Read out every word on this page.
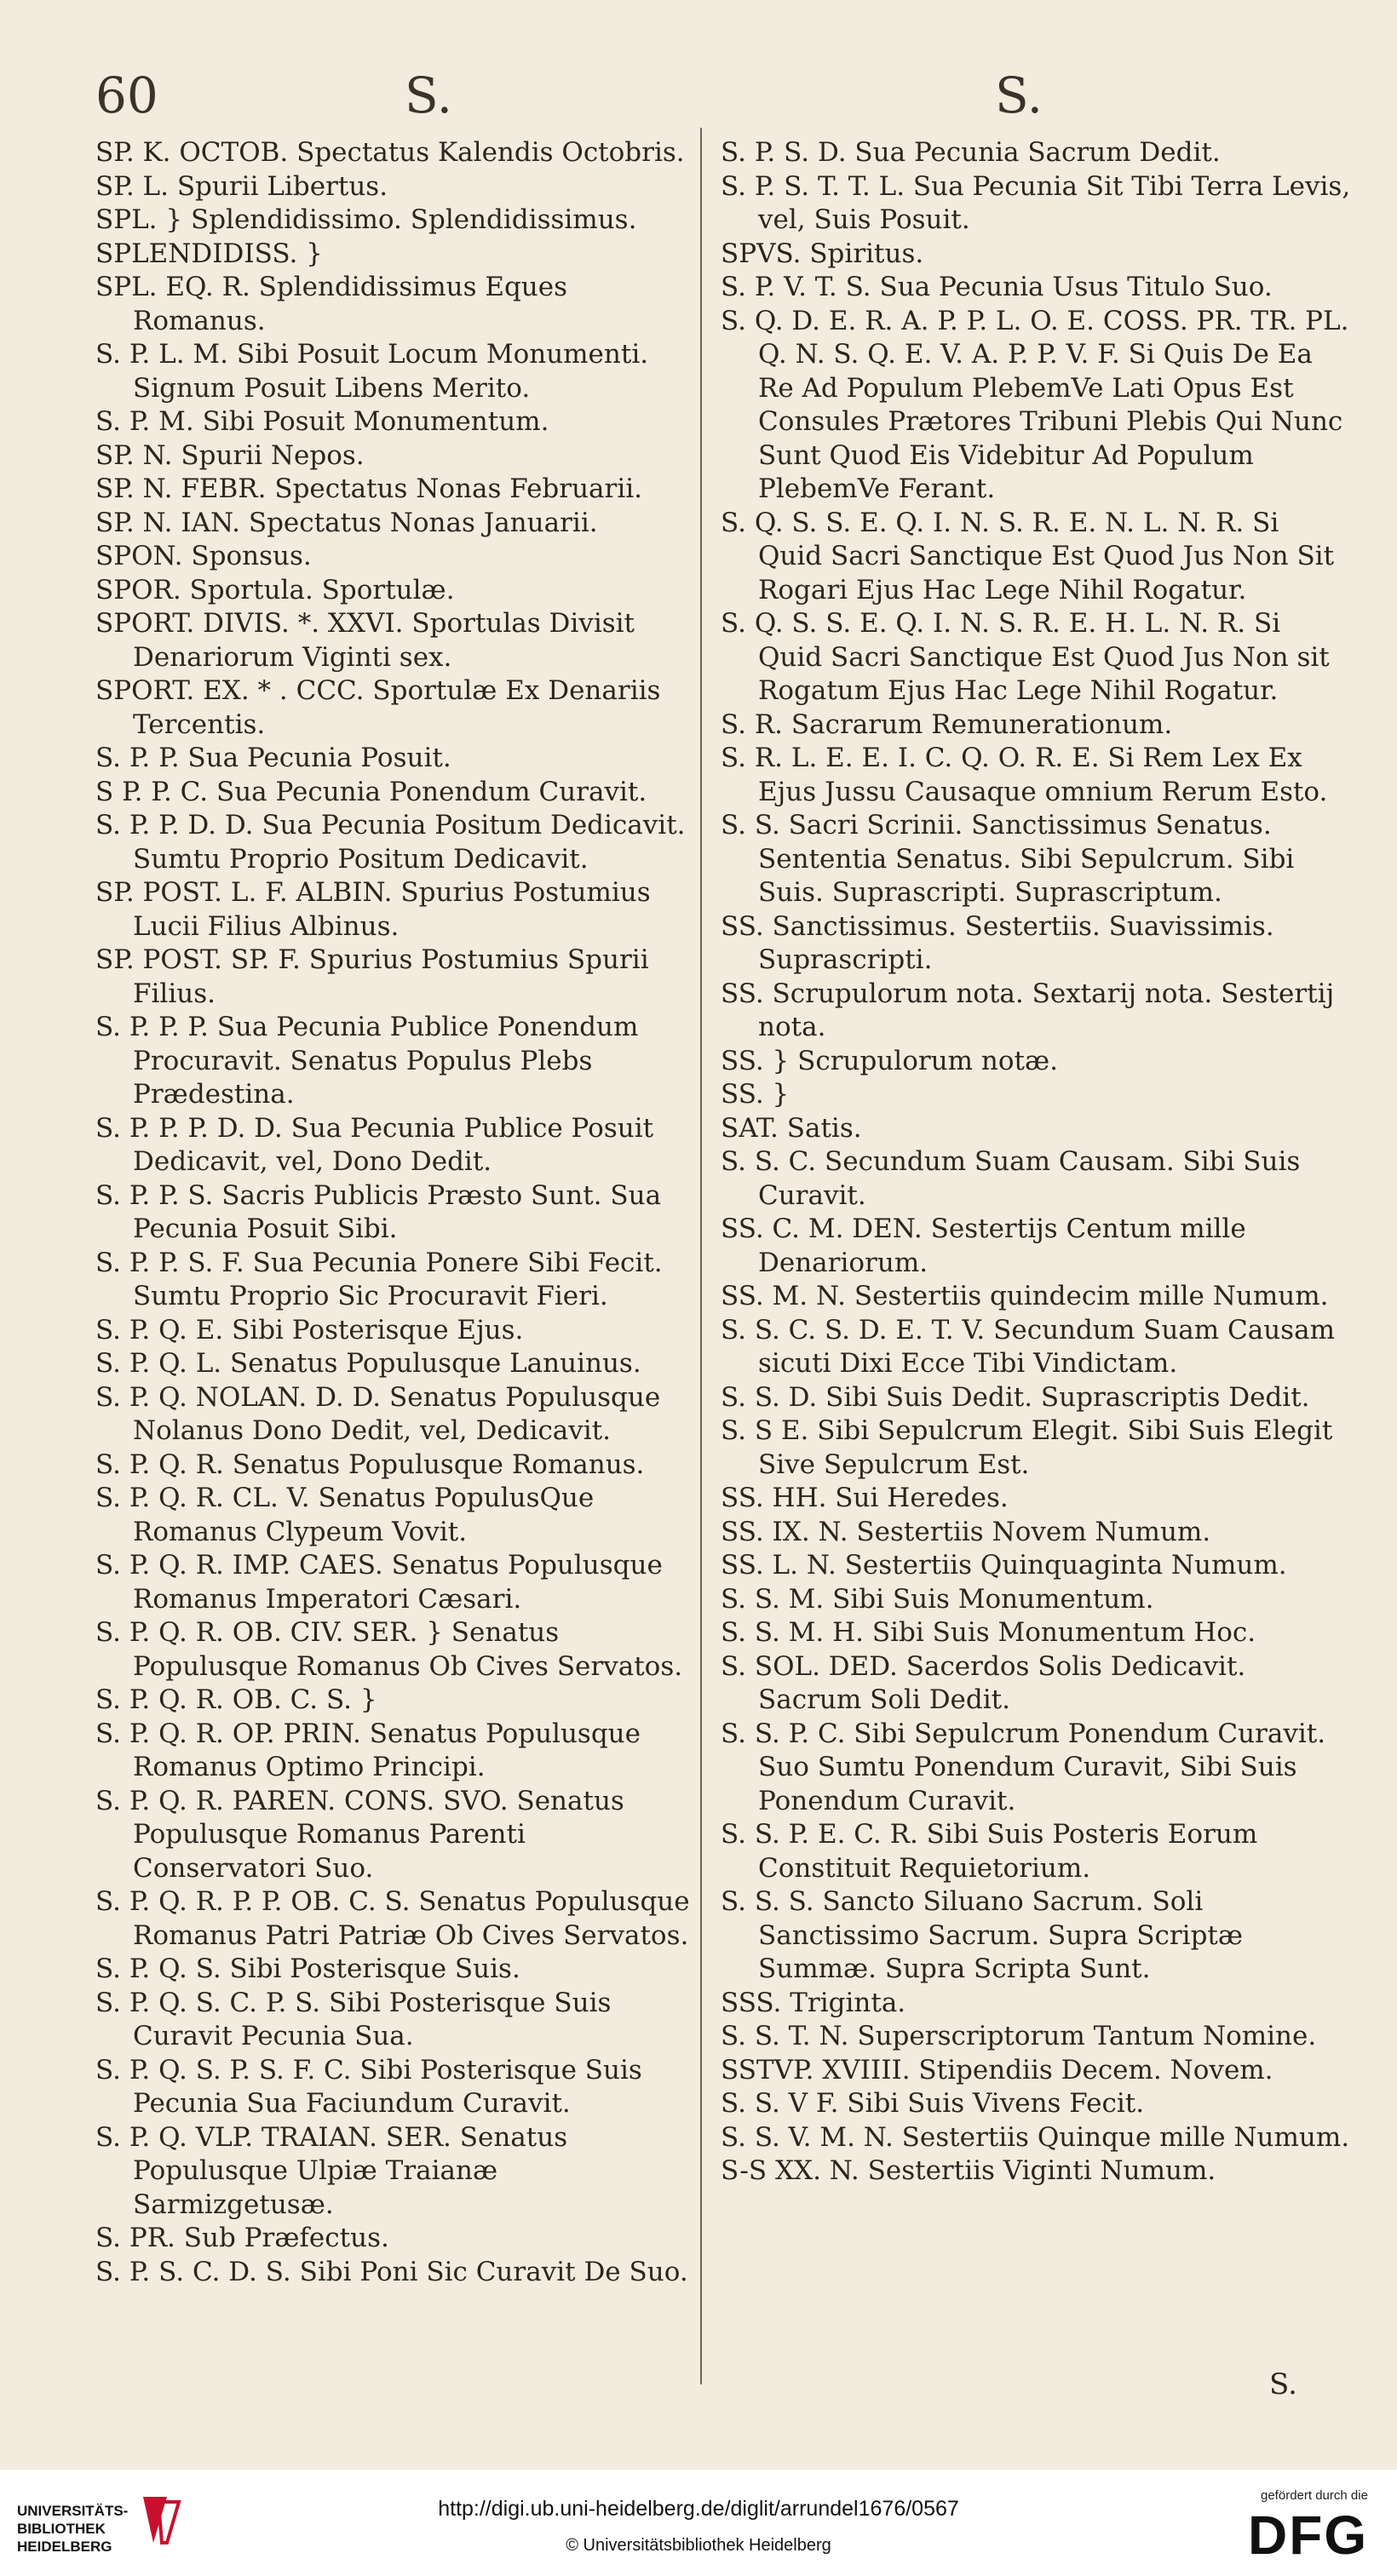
60	S.	S.

SP. K. OCTOB. Spectatus Kalendis Octobris.

SP. L. Spurii Libertus.

SPL. } Splendidissimo. Splendidissimus.

SPLENDIDISS. }

SPL. EQ. R. Splendidissimus Eques Romanus.

S. P. L. M. Sibi Posuit Locum Monumenti. Signum Posuit Libens Merito.

S. P. M. Sibi Posuit Monumentum.

SP. N. Spurii Nepos.

SP. N. FEBR. Spectatus Nonas Februarii.

SP. N. IAN. Spectatus Nonas Januarii.

SPON. Sponsus.

SPOR. Sportula. Sportulæ.

SPORT. DIVIS. *. XXVI. Sportulas Divisit Denariorum Viginti sex.

SPORT. EX. * . CCC. Sportulæ Ex Denariis Tercentis.

S. P. P. Sua Pecunia Posuit.

S P. P. C. Sua Pecunia Ponendum Curavit.

S. P. P. D. D. Sua Pecunia Positum Dedicavit. Sumtu Proprio Positum Dedicavit.

SP. POST. L. F. ALBIN. Spurius Postumius Lucii Filius Albinus.

SP. POST. SP. F. Spurius Postumius Spurii Filius.

S. P. P. P. Sua Pecunia Publice Ponendum Procuravit. Senatus Populus Plebs Prædestina.

S. P. P. P. D. D. Sua Pecunia Publice Posuit Dedicavit, vel, Dono Dedit.

S. P. P. S. Sacris Publicis Præsto Sunt. Sua Pecunia Posuit Sibi.

S. P. P. S. F. Sua Pecunia Ponere Sibi Fecit. Sumtu Proprio Sic Procuravit Fieri.

S. P. Q. E. Sibi Posterisque Ejus.

S. P. Q. L. Senatus Populusque Lanuinus.

S. P. Q. NOLAN. D. D. Senatus Populusque Nolanus Dono Dedit, vel, Dedicavit.

S. P. Q. R. Senatus Populusque Romanus.

S. P. Q. R. CL. V. Senatus PopulusQue Romanus Clypeum Vovit.

S. P. Q. R. IMP. CAES. Senatus Populusque Romanus Imperatori Cæsari.

S. P. Q. R. OB. CIV. SER. } Senatus Populusque Romanus Ob Cives Servatos.

S. P. Q. R. OB. C. S. }

S. P. Q. R. OP. PRIN. Senatus Populusque Romanus Optimo Principi.

S. P. Q. R. PAREN. CONS. SVO. Senatus Populusque Romanus Parenti Conservatori Suo.

S. P. Q. R. P. P. OB. C. S. Senatus Populusque Romanus Patri Patriæ Ob Cives Servatos.

S. P. Q. S. Sibi Posterisque Suis.

S. P. Q. S. C. P. S. Sibi Posterisque Suis Curavit Pecunia Sua.

S. P. Q. S. P. S. F. C. Sibi Posterisque Suis Pecunia Sua Faciundum Curavit.

S. P. Q. VLP. TRAIAN. SER. Senatus Populusque Ulpiæ Traianæ Sarmizgetusæ.

S. PR. Sub Præfectus.

S. P. S. C. D. S. Sibi Poni Sic Curavit De Suo.

S. P. S. D. Sua Pecunia Sacrum Dedit.

S. P. S. T. T. L. Sua Pecunia Sit Tibi Terra Levis, vel, Suis Posuit.

SPVS. Spiritus.

S. P. V. T. S. Sua Pecunia Usus Titulo Suo.

S. Q. D. E. R. A. P. P. L. O. E. COSS. PR. TR. PL. Q. N. S. Q. E. V. A. P. P. V. F. Si Quis De Ea Re Ad Populum PlebemVe Lati Opus Est Consules Prætores Tribuni Plebis Qui Nunc Sunt Quod Eis Videbitur Ad Populum PlebemVe Ferant.

S. Q. S. S. E. Q. I. N. S. R. E. N. L. N. R. Si Quid Sacri Sanctique Est Quod Jus Non Sit Rogari Ejus Hac Lege Nihil Rogatur.

S. Q. S. S. E. Q. I. N. S. R. E. H. L. N. R. Si Quid Sacri Sanctique Est Quod Jus Non sit Rogatum Ejus Hac Lege Nihil Rogatur.

S. R. Sacrarum Remunerationum.

S. R. L. E. E. I. C. Q. O. R. E. Si Rem Lex Ex Ejus Jussu Causaque omnium Rerum Esto.

S. S. Sacri Scrinii. Sanctissimus Senatus. Sententia Senatus. Sibi Sepulcrum. Sibi Suis. Suprascripti. Suprascriptum.

SS. Sanctissimus. Sestertiis. Suavissimis. Suprascripti.

SS. Scrupulorum nota. Sextarij nota. Sestertij nota.

SS. } Scrupulorum notæ.

SS. }

SAT. Satis.

S. S. C. Secundum Suam Causam. Sibi Suis Curavit.

SS. C. M. DEN. Sestertijs Centum mille Denariorum.

SS. M. N. Sestertiis quindecim mille Numum.

S. S. C. S. D. E. T. V. Secundum Suam Causam sicuti Dixi Ecce Tibi Vindictam.

S. S. D. Sibi Suis Dedit. Suprascriptis Dedit.

S. S E. Sibi Sepulcrum Elegit. Sibi Suis Elegit Sive Sepulcrum Est.

SS. HH. Sui Heredes.

SS. IX. N. Sestertiis Novem Numum.

SS. L. N. Sestertiis Quinquaginta Numum.

S. S. M. Sibi Suis Monumentum.

S. S. M. H. Sibi Suis Monumentum Hoc.

S. SOL. DED. Sacerdos Solis Dedicavit. Sacrum Soli Dedit.

S. S. P. C. Sibi Sepulcrum Ponendum Curavit. Suo Sumtu Ponendum Curavit, Sibi Suis Ponendum Curavit.

S. S. P. E. C. R. Sibi Suis Posteris Eorum Constituit Requietorium.

S. S. S. Sancto Siluano Sacrum. Soli Sanctissimo Sacrum. Supra Scriptæ Summæ. Supra Scripta Sunt.

SSS. Triginta.

S. S. T. N. Superscriptorum Tantum Nomine.

SSTVP. XVIIII. Stipendiis Decem. Novem.

S. S. V F. Sibi Suis Vivens Fecit.

S. S. V. M. N. Sestertiis Quinque mille Numum.

S-S XX. N. Sestertiis Viginti Numum.

S.
UNIVERSITÄTS-
BIBLIOTHEK
HEIDELBERG
http://digi.ub.uni-heidelberg.de/diglit/arrundel1676/0567
© Universitätsbibliothek Heidelberg
gefördert durch die
DFG
